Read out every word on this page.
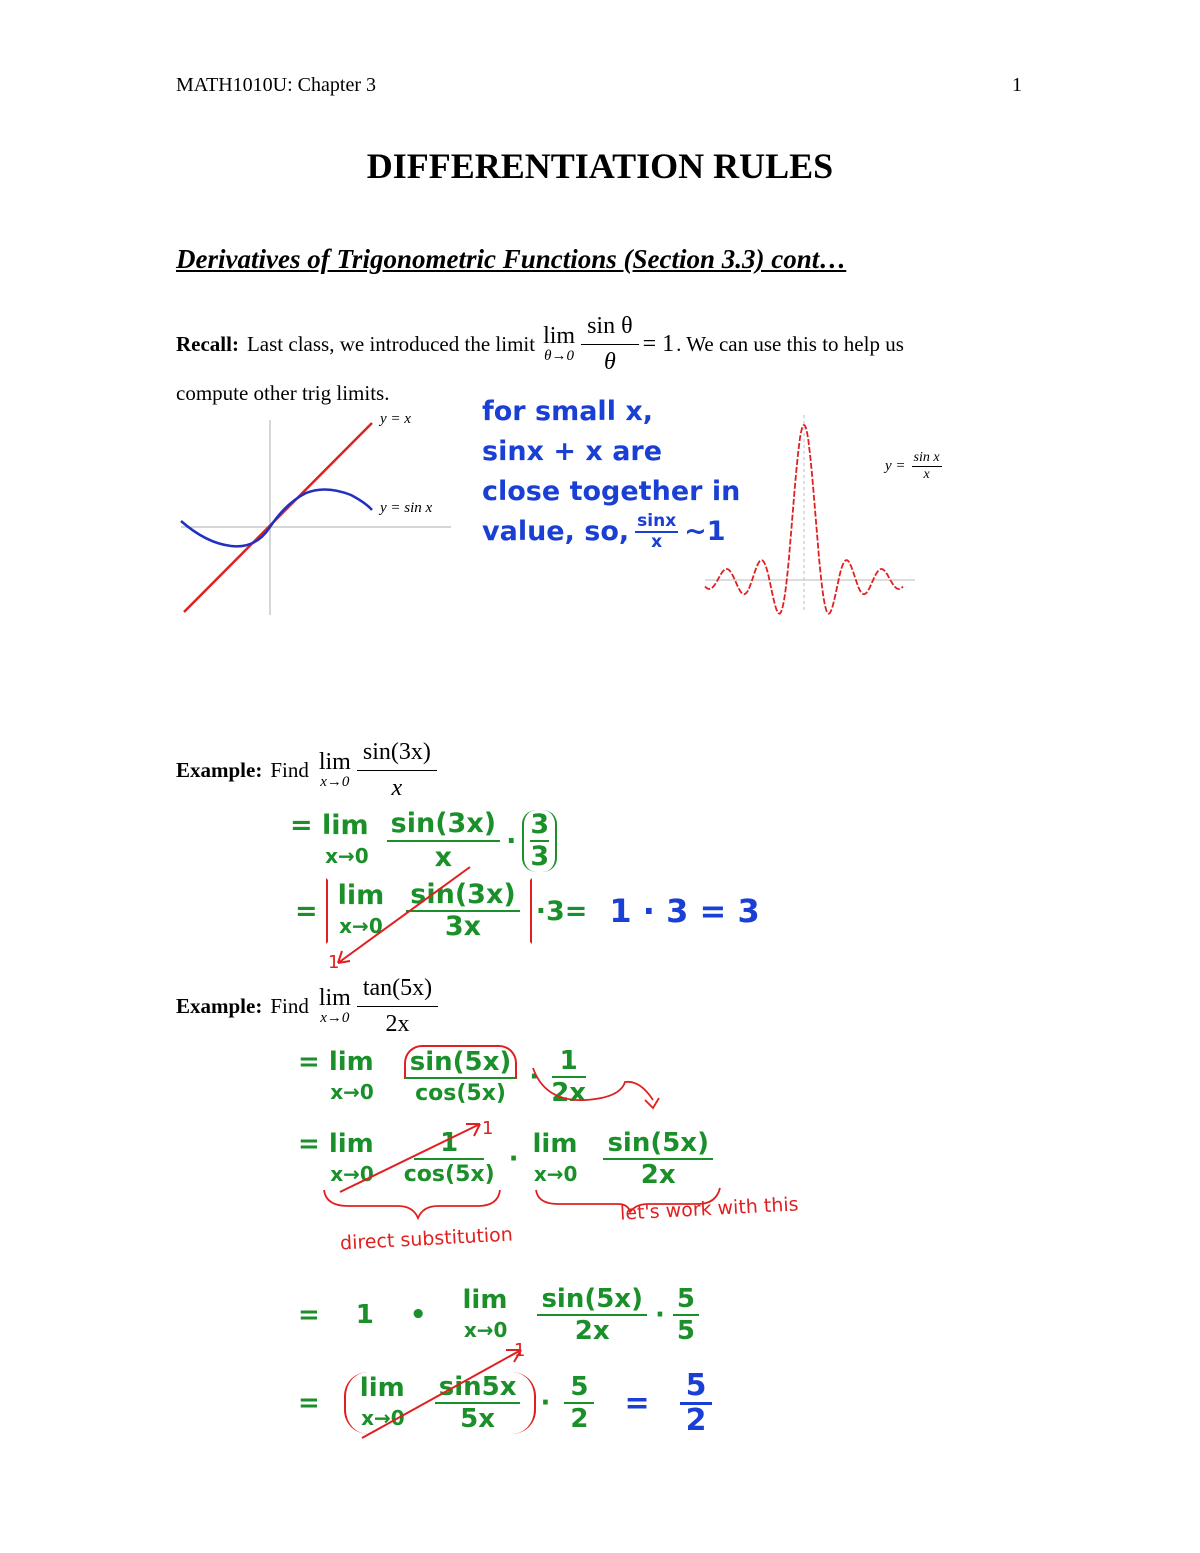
MATH1010U: Chapter 3	1
DIFFERENTIATION RULES
Derivatives of Trigonometric Functions (Section 3.3) cont…
Recall: Last class, we introduced the limit lim
$\theta\to 0 \frac{\text{sin θ}}{\theta} = 1$ . We can use this to help us
compute other trig limits.
y = x
y = sin x
for small x,
sinx + x are
close together in
value, so, $\frac{\sin x}{x}$ ~1
$y = \frac{\text{sin x}}{x}$
Example: Find lim
$x\to 0 \frac{\sin(3x)}{x}$
= lim
$x\to 0 \frac{\sin(3x)}{x} \cdot \frac{3}{3}$
= lim
$x\to 0 \frac{\sin(3x)}{3x} \cdot 3= 1 \cdot 3 = 3$
1
Example: Find lim
$x\to 0 \frac{\tan(5x)}{2x}$
= lim
x→0
sin(5x)
cos(5x)
· $\frac{1}{2x}$
= lim
x→0
1
cos(5x)
· lim
$x\to 0 \frac{\sin(5x)}{2x}$
1
direct substitution
let's work with this
= 1 • lim
$x\to 0 \frac{\sin(5x)}{2x} \cdot \frac{5}{5}$
= lim
$x\to 0 \frac{\sin 5x}{5x} \cdot \frac{5}{2} = \frac{5}{2}$
1
